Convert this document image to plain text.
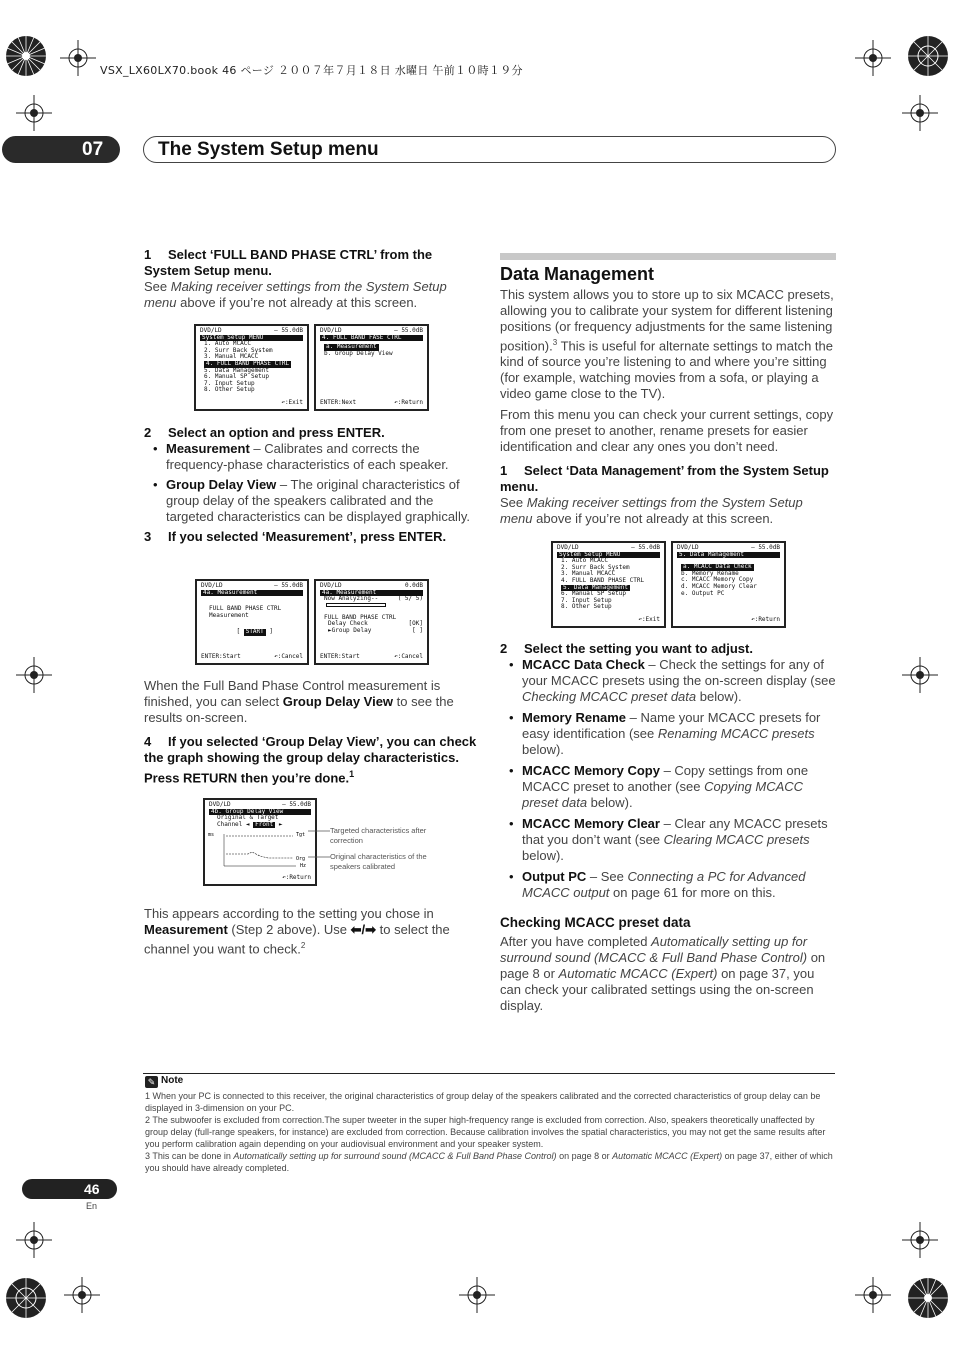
VSX_LX60LX70.book 46 ページ ２００７年７月１８日 水曜日 午前１０時１９分
07	The System Setup menu
1 Select ‘FULL BAND PHASE CTRL’ from the System Setup menu.
See Making receiver settings from the System Setup menu above if you’re not already at this screen.
DVD/LD	– 55.0dB
System Setup MENU
1. Auto MCACC
2. Surr Back System
3. Manual MCACC
4. FULL BAND PHASE CTRL
5. Data Management
6. Manual SP Setup
7. Input Setup
8. Other Setup
↶:Exit
DVD/LD	– 55.0dB
4. FULL BAND FASE CTRL
a. Measurement
b. Group Delay View
ENTER:Next	↶:Return
2 Select an option and press ENTER.
• Measurement – Calibrates and corrects the frequency-phase characteristics of each speaker.
• Group Delay View – The original characteristics of group delay of the speakers calibrated and the targeted characteristics can be displayed graphically.
3 If you selected ‘Measurement’, press ENTER.
DVD/LD	– 55.0dB
4a. Measurement
FULL BAND PHASE CTRL
Measurement
[ START ]
ENTER:Start	↶:Cancel
DVD/LD	0.0dB
4a. Measurement
Now Analyzing--	( 5/ 5)
FULL BAND PHASE CTRL
Delay Check	[OK]
►Group Delay	[ ]
ENTER:Start	↶:Cancel
When the Full Band Phase Control measurement is finished, you can select Group Delay View to see the results on-screen.
4 If you selected ‘Group Delay View’, you can check the graph showing the group delay characteristics. Press RETURN then you’re done.$^1$
DVD/LD	– 55.0dB
4b. Group Delay View
Original & Target
Channel ◄ Front ►
ms	Tgt
Org
Hz
↶:Return
Targeted characteristics after correction
Original characteristics of the speakers calibrated
This appears according to the setting you chose in Measurement (Step 2 above). Use ⬅/➡ to select the channel you want to check.$^2$
Data Management
This system allows you to store up to six MCACC presets, allowing you to calibrate your system for different listening positions (or frequency adjustments for the same listening position).$^3$ This is useful for alternate settings to match the kind of source you’re listening to and where you’re sitting (for example, watching movies from a sofa, or playing a video game close to the TV).
From this menu you can check your current settings, copy from one preset to another, rename presets for easier identification and clear any ones you don’t need.
1 Select ‘Data Management’ from the System Setup menu.
See Making receiver settings from the System Setup menu above if you’re not already at this screen.
DVD/LD	– 55.0dB
System Setup MENU
1. Auto MCACC
2. Surr Back System
3. Manual MCACC
4. FULL BAND PHASE CTRL
5. Data Management
6. Manual SP Setup
7. Input Setup
8. Other Setup
↶:Exit
DVD/LD	– 55.0dB
5. Data Management
a. MCACC Data Check
b. Memory Rename
c. MCACC Memory Copy
d. MCACC Memory Clear
e. Output PC
↶:Return
2 Select the setting you want to adjust.
• MCACC Data Check – Check the settings for any of your MCACC presets using the on-screen display (see Checking MCACC preset data below).
• Memory Rename – Name your MCACC presets for easy identification (see Renaming MCACC presets below).
• MCACC Memory Copy – Copy settings from one MCACC preset to another (see Copying MCACC preset data below).
• MCACC Memory Clear – Clear any MCACC presets that you don’t want (see Clearing MCACC presets below).
• Output PC – See Connecting a PC for Advanced MCACC output on page 61 for more on this.
Checking MCACC preset data
After you have completed Automatically setting up for surround sound (MCACC & Full Band Phase Control) on page 8 or Automatic MCACC (Expert) on page 37, you can check your calibrated settings using the on-screen display.
✎ Note
1 When your PC is connected to this receiver, the original characteristics of group delay of the speakers calibrated and the corrected characteristics of group delay can be displayed in 3-dimension on your PC.
2 The subwoofer is excluded from correction.The super tweeter in the super high-frequency range is excluded from correction. Also, speakers theoretically unaffected by group delay (full-range speakers, for instance) are excluded from correction. Because calibration involves the spatial characteristics, you may not get the same results after you perform calibration again depending on your audiovisual environment and your speaker system.
3 This can be done in Automatically setting up for surround sound (MCACC & Full Band Phase Control) on page 8 or Automatic MCACC (Expert) on page 37, either of which you should have already completed.
46
En
